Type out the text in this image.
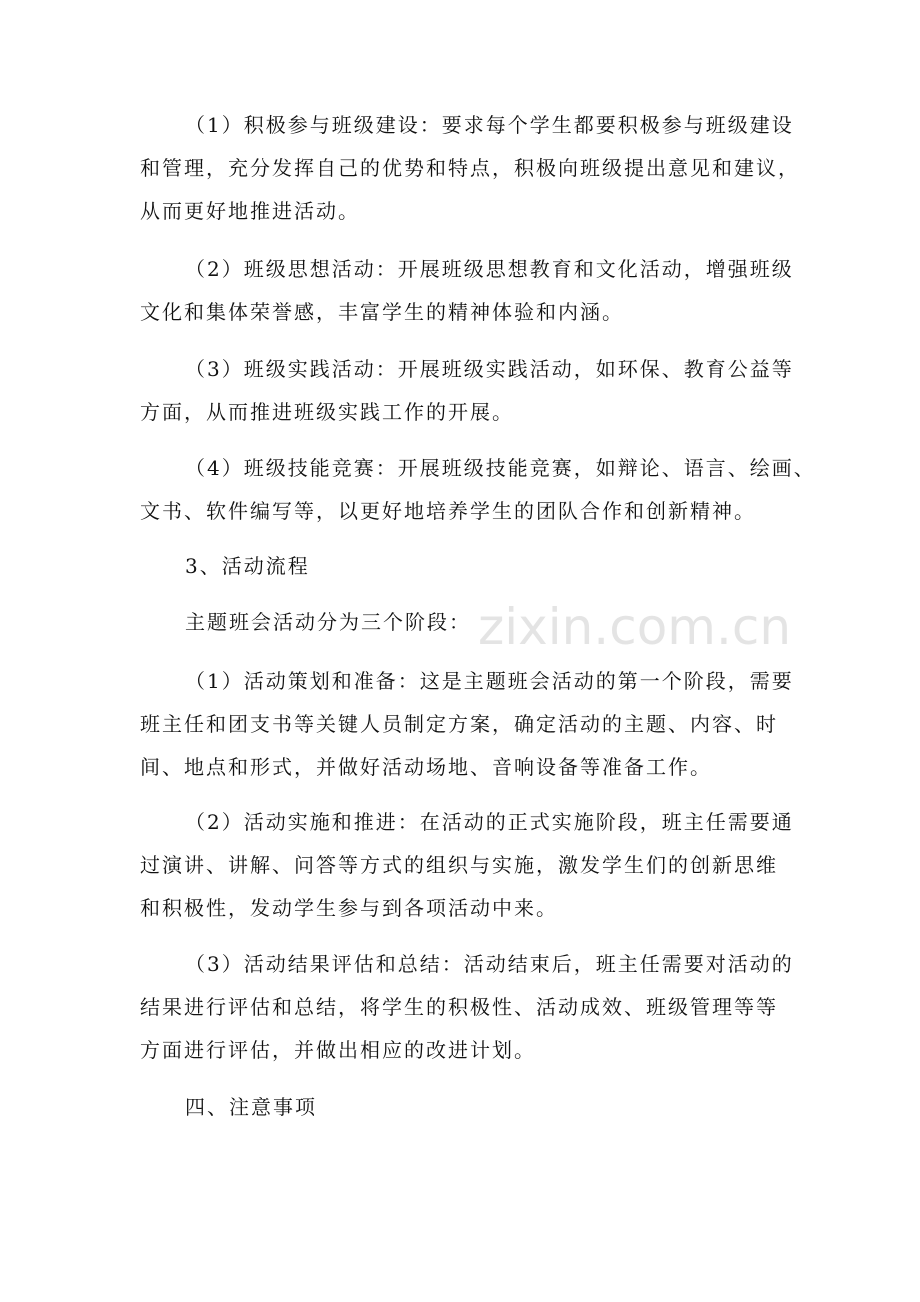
（1）积极参与班级建设：要求每个学生都要积极参与班级建设
和管理，充分发挥自己的优势和特点，积极向班级提出意见和建议，
从而更好地推进活动。
（2）班级思想活动：开展班级思想教育和文化活动，增强班级
文化和集体荣誉感，丰富学生的精神体验和内涵。
（3）班级实践活动：开展班级实践活动，如环保、教育公益等
方面，从而推进班级实践工作的开展。
（4）班级技能竞赛：开展班级技能竞赛，如辩论、语言、绘画、
文书、软件编写等，以更好地培养学生的团队合作和创新精神。
3、活动流程
主题班会活动分为三个阶段：
（1）活动策划和准备：这是主题班会活动的第一个阶段，需要
班主任和团支书等关键人员制定方案，确定活动的主题、内容、时
间、地点和形式，并做好活动场地、音响设备等准备工作。
（2）活动实施和推进：在活动的正式实施阶段，班主任需要通
过演讲、讲解、问答等方式的组织与实施，激发学生们的创新思维
和积极性，发动学生参与到各项活动中来。
（3）活动结果评估和总结：活动结束后，班主任需要对活动的
结果进行评估和总结，将学生的积极性、活动成效、班级管理等等
方面进行评估，并做出相应的改进计划。
四、注意事项
zixin.com.cn
